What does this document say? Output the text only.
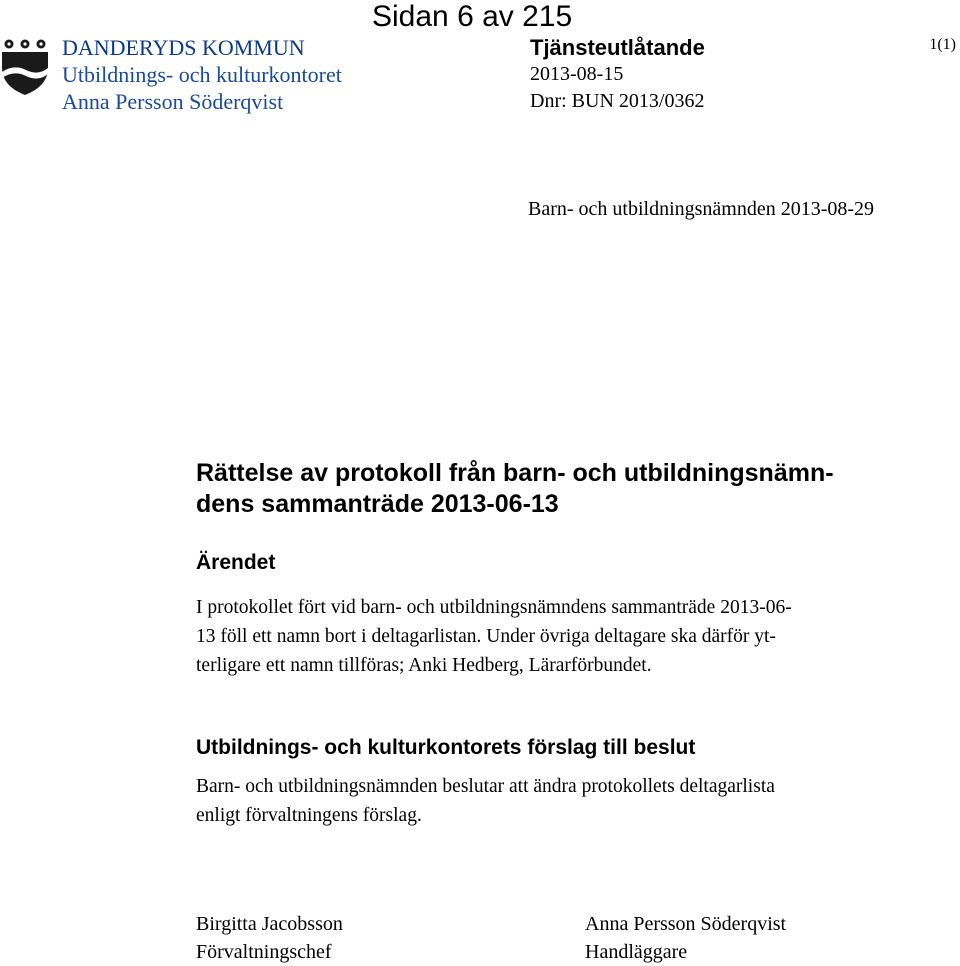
Sidan 6 av 215
DANDERYDS KOMMUN
Utbildnings- och kulturkontoret
Anna Persson Söderqvist
Tjänsteutlåtande
2013-08-15
Dnr: BUN 2013/0362
1(1)
Barn- och utbildningsnämnden 2013-08-29
Rättelse av protokoll från barn- och utbildningsnämn-
dens sammanträde 2013-06-13
Ärendet
I protokollet fört vid barn- och utbildningsnämndens sammanträde 2013-06-
13 föll ett namn bort i deltagarlistan. Under övriga deltagare ska därför yt-
terligare ett namn tillföras; Anki Hedberg, Lärarförbundet.
Utbildnings- och kulturkontorets förslag till beslut
Barn- och utbildningsnämnden beslutar att ändra protokollets deltagarlista
enligt förvaltningens förslag.
Birgitta Jacobsson
Förvaltningschef
Anna Persson Söderqvist
Handläggare
